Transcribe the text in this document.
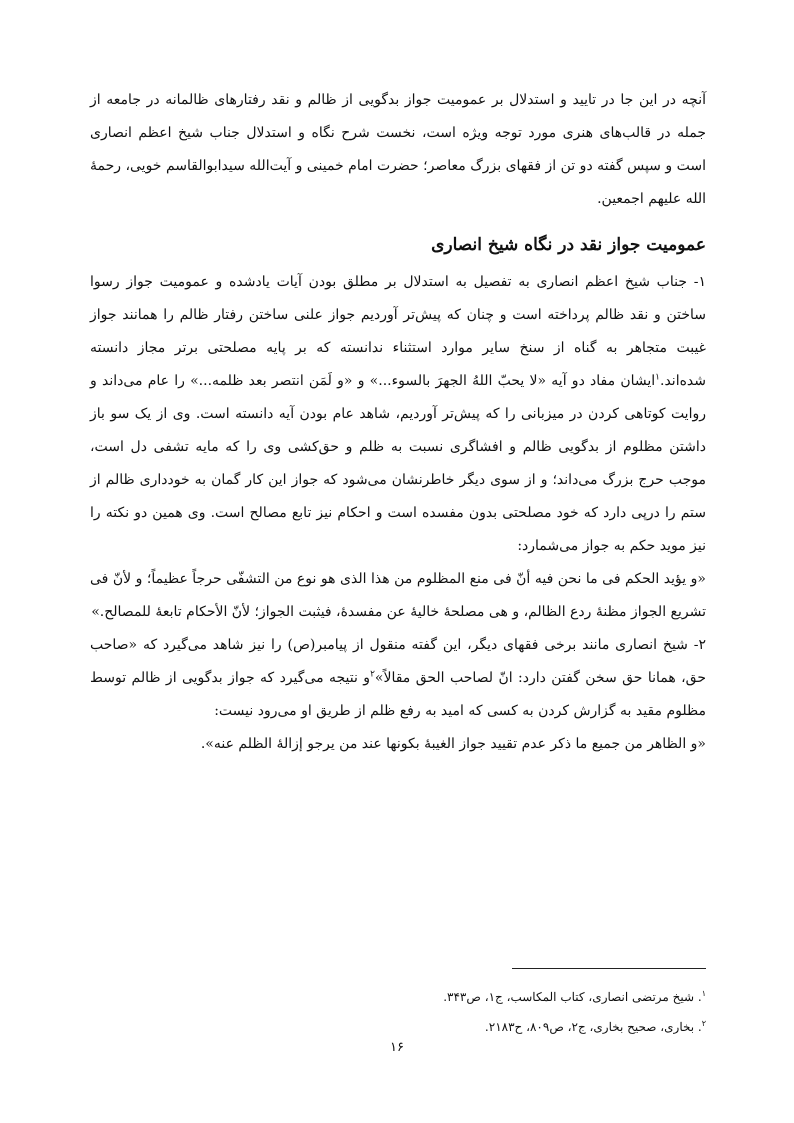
آنچه در این جا در تایید و استدلال بر عمومیت جواز بدگویی از ظالم و نقد رفتارهای ظالمانه در جامعه از جمله در قالب‌های هنری مورد توجه ویژه است، نخست شرح نگاه و استدلال جناب شیخ اعظم انصاری است و سپس گفته دو تن از فقهای بزرگ معاصر؛ حضرت امام خمینی و آیت‌الله سیدابوالقاسم خویی، رحمهٔ الله علیهم اجمعین.

عمومیت جواز نقد در نگاه شیخ انصاری

۱- جناب شیخ اعظم انصاری به تفصیل به استدلال بر مطلق بودن آیات یادشده و عمومیت جواز رسوا ساختن و نقد ظالم پرداخته است و چنان که پیش‌تر آوردیم جواز علنی ساختن رفتار ظالم را همانند جواز غیبت متجاهر به گناه از سنخ سایر موارد استثناء ندانسته که بر پایه مصلحتی برتر مجاز دانسته شده‌اند.$^۱$ایشان مفاد دو آیه «لا یحبّ اللهُ الجهرَ بالسوء...» و «و لَمَن انتصر بعد ظلمه...» را عام می‌داند و روایت کوتاهی کردن در میزبانی را که پیش‌تر آوردیم، شاهد عام بودن آیه دانسته است. وی از یک سو باز داشتن مظلوم از بدگویی ظالم و افشاگری نسبت به ظلم و حق‌کشی وی را که مایه تشفی دل است، موجب حرج بزرگ می‌داند؛ و از سوی دیگر خاطرنشان می‌شود که جواز این کار گمان به خودداری ظالم از ستم را درپی دارد که خود مصلحتی بدون مفسده است و احکام نیز تابع مصالح است. وی همین دو نکته را نیز موید حکم به جواز می‌شمارد:

«و یؤید الحکم فی ما نحن فیه أنّ فی منع المظلوم من هذا الذی هو نوع من التشفّی حرجاً عظیماً؛ و لأنّ فی تشریع الجواز مظنهٔ ردع الظالم، و هی مصلحهٔ خالیهٔ عن مفسدهٔ، فیثبت الجواز؛ لأنّ الأحکام تابعهٔ للمصالح.»

۲- شیخ انصاری مانند برخی فقهای دیگر، این گفته منقول از پیامبر(ص) را نیز شاهد می‌گیرد که «صاحب حق، همانا حق سخن گفتن دارد: انّ لصاحب الحق مقالاً»$^۲$و نتیجه می‌گیرد که جواز بدگویی از ظالم توسط مظلوم مقید به گزارش کردن به کسی که امید به رفع ظلم از طریق او می‌رود نیست:

«و الظاهر من جمیع ما ذکر عدم تقیید جواز الغیبهٔ بکونها عند من یرجو إزالهٔ الظلم عنه».

$^۱$. شیخ مرتضی انصاری، کتاب المکاسب، ج۱، ص۳۴۳.

$^۲$. بخاری، صحیح بخاری، ج۲، ص۸۰۹، ح۲۱۸۳.

۱۶
